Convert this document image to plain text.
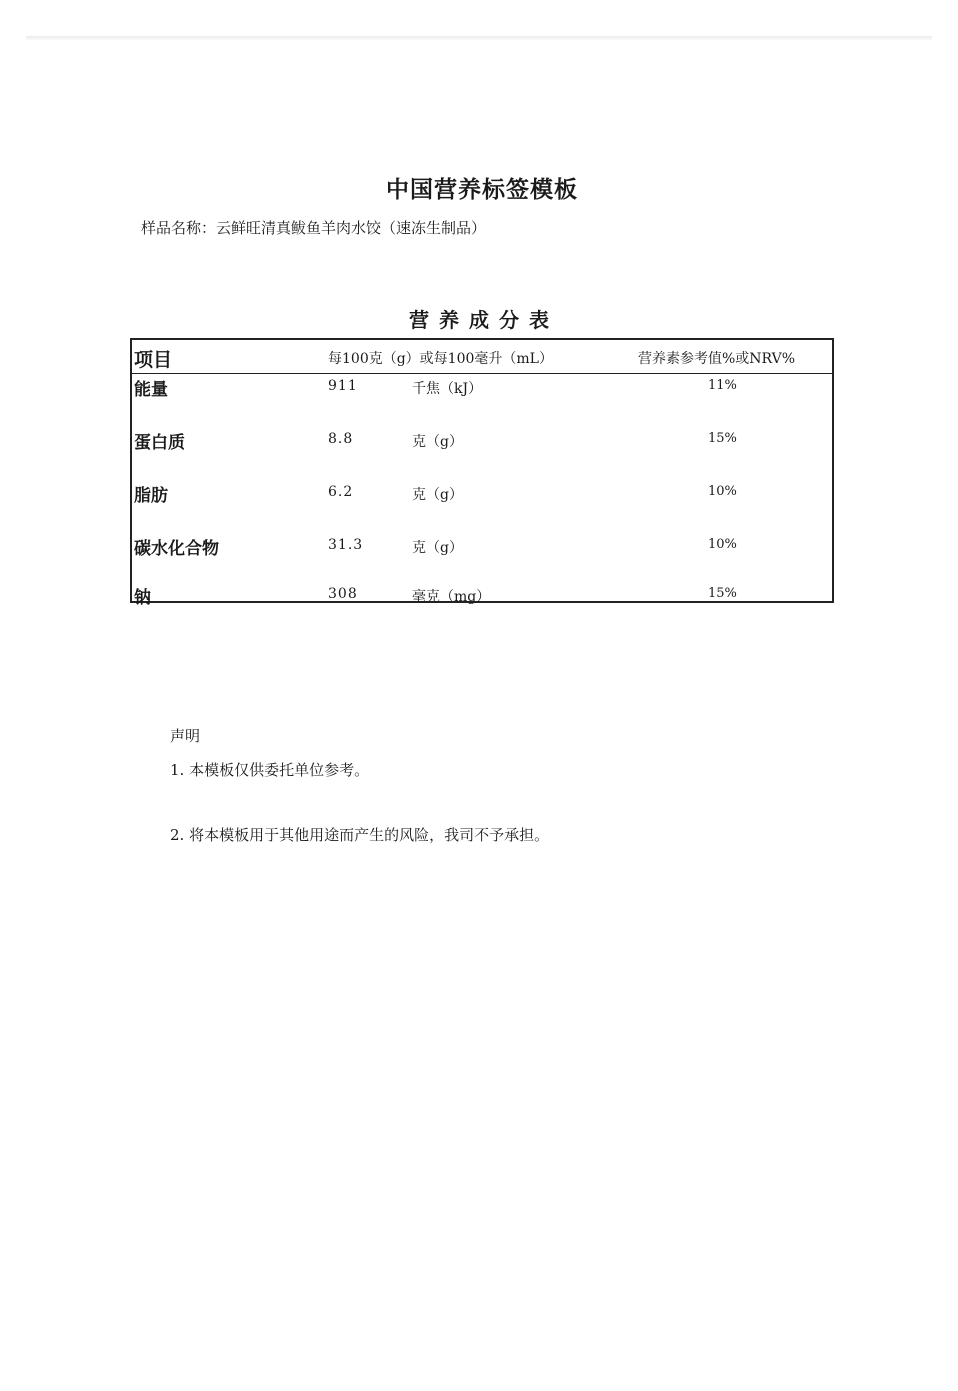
中国营养标签模板
样品名称：云鲜旺清真鲅鱼羊肉水饺（速冻生制品）
营养成分表
项目	每100克（g）或每100毫升（mL）	营养素参考值%或NRV%
能量	911	千焦（kJ）	11%
蛋白质	8.8	克（g）	15%
脂肪	6.2	克（g）	10%
碳水化合物	31.3	克（g）	10%
钠	308	毫克（mg）	15%
声明
1. 本模板仅供委托单位参考。
2. 将本模板用于其他用途而产生的风险，我司不予承担。
